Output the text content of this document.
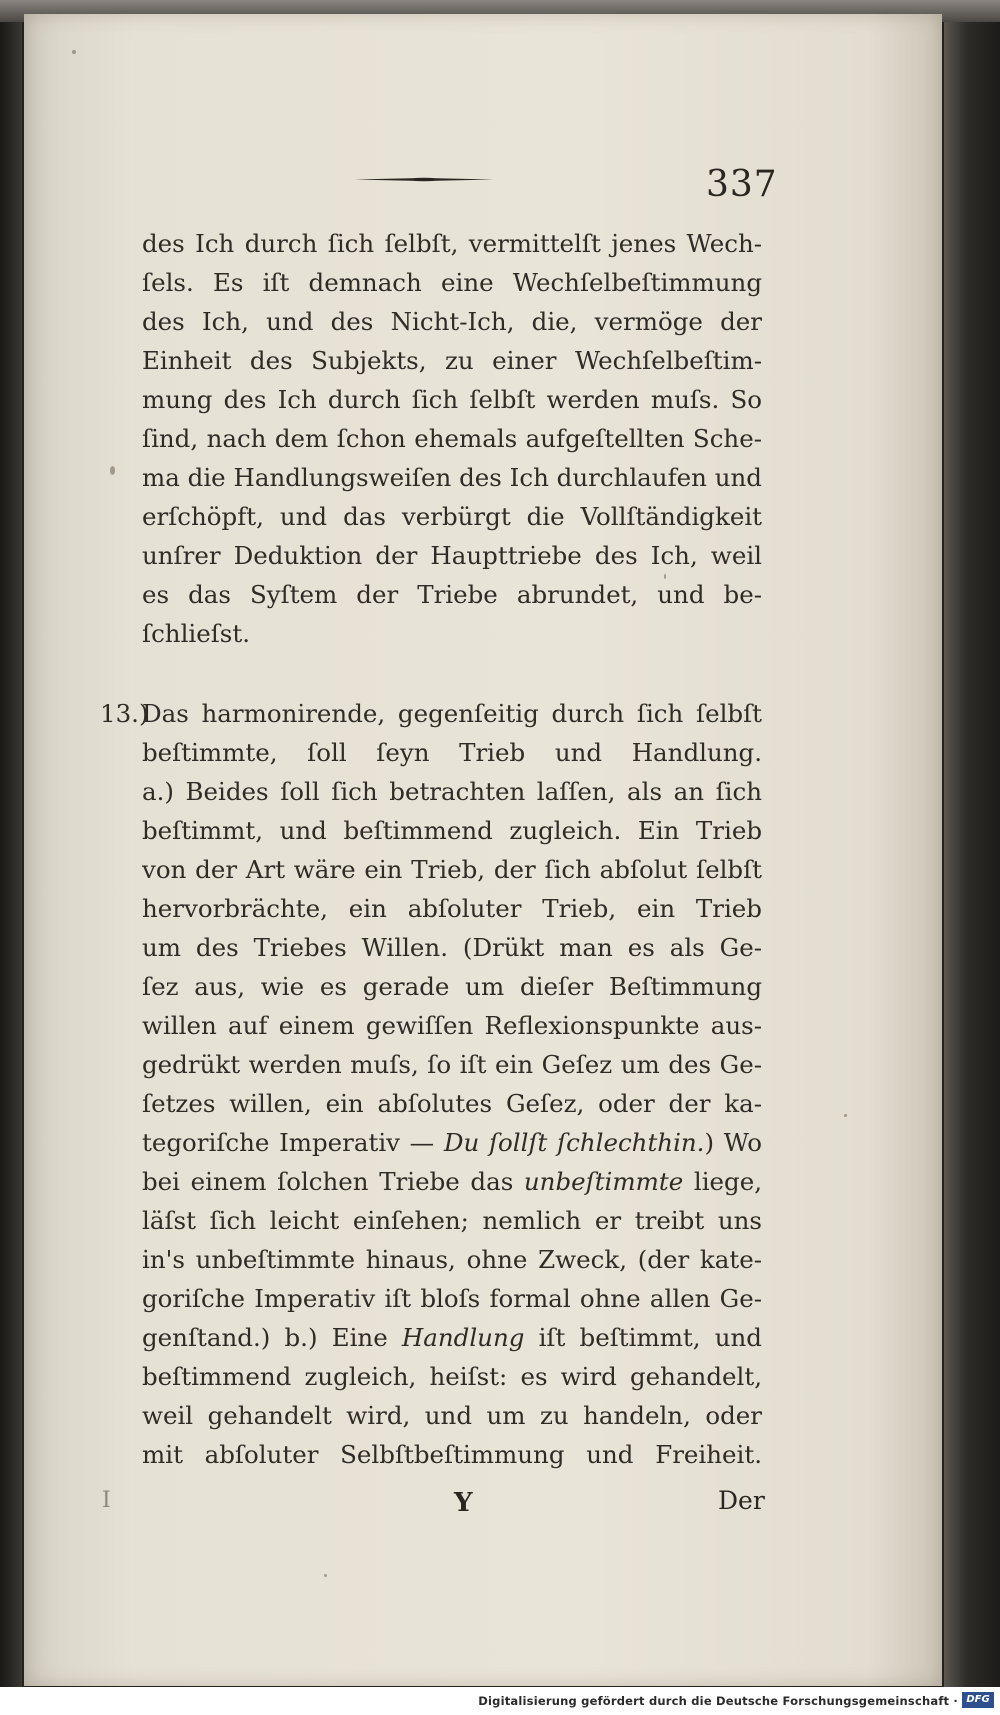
337

des Ich durch ſich ſelbſt, vermittelſt jenes Wech-
ſels. Es iſt demnach eine Wechſelbeſtimmung
des Ich, und des Nicht-Ich, die, vermöge der
Einheit des Subjekts, zu einer Wechſelbeſtim-
mung des Ich durch ſich ſelbſt werden muſs. So
ſind, nach dem ſchon ehemals aufgeſtellten Sche-
ma die Handlungsweiſen des Ich durchlaufen und
erſchöpft, und das verbürgt die Vollſtändigkeit
unſrer Deduktion der Haupttriebe des Ich, weil
es das Syſtem der Triebe abrundet, und be-
ſchlieſst.

13.)
Das harmonirende, gegenſeitig durch ſich ſelbſt
beſtimmte, ſoll ſeyn Trieb und Handlung.
a.) Beides ſoll ſich betrachten laſſen, als an ſich
beſtimmt, und beſtimmend zugleich. Ein Trieb
von der Art wäre ein Trieb, der ſich abſolut ſelbſt
hervorbrächte, ein abſoluter Trieb, ein Trieb
um des Triebes Willen. (Drükt man es als Ge-
ſez aus, wie es gerade um dieſer Beſtimmung
willen auf einem gewiſſen Reflexionspunkte aus-
gedrükt werden muſs, ſo iſt ein Geſez um des Ge-
ſetzes willen, ein abſolutes Geſez, oder der ka-
tegoriſche Imperativ — Du ſollſt ſchlechthin.) Wo
bei einem ſolchen Triebe das unbeſtimmte liege,
läſst ſich leicht einſehen; nemlich er treibt uns
in's unbeſtimmte hinaus, ohne Zweck, (der kate-
goriſche Imperativ iſt bloſs formal ohne allen Ge-
genſtand.) b.) Eine Handlung iſt beſtimmt, und
beſtimmend zugleich, heiſst: es wird gehandelt,
weil gehandelt wird, und um zu handeln, oder
mit abſoluter Selbſtbeſtimmung und Freiheit.

I	Y	Der
Digitalisierung gefördert durch die Deutsche Forschungsgemeinschaft · DFG
